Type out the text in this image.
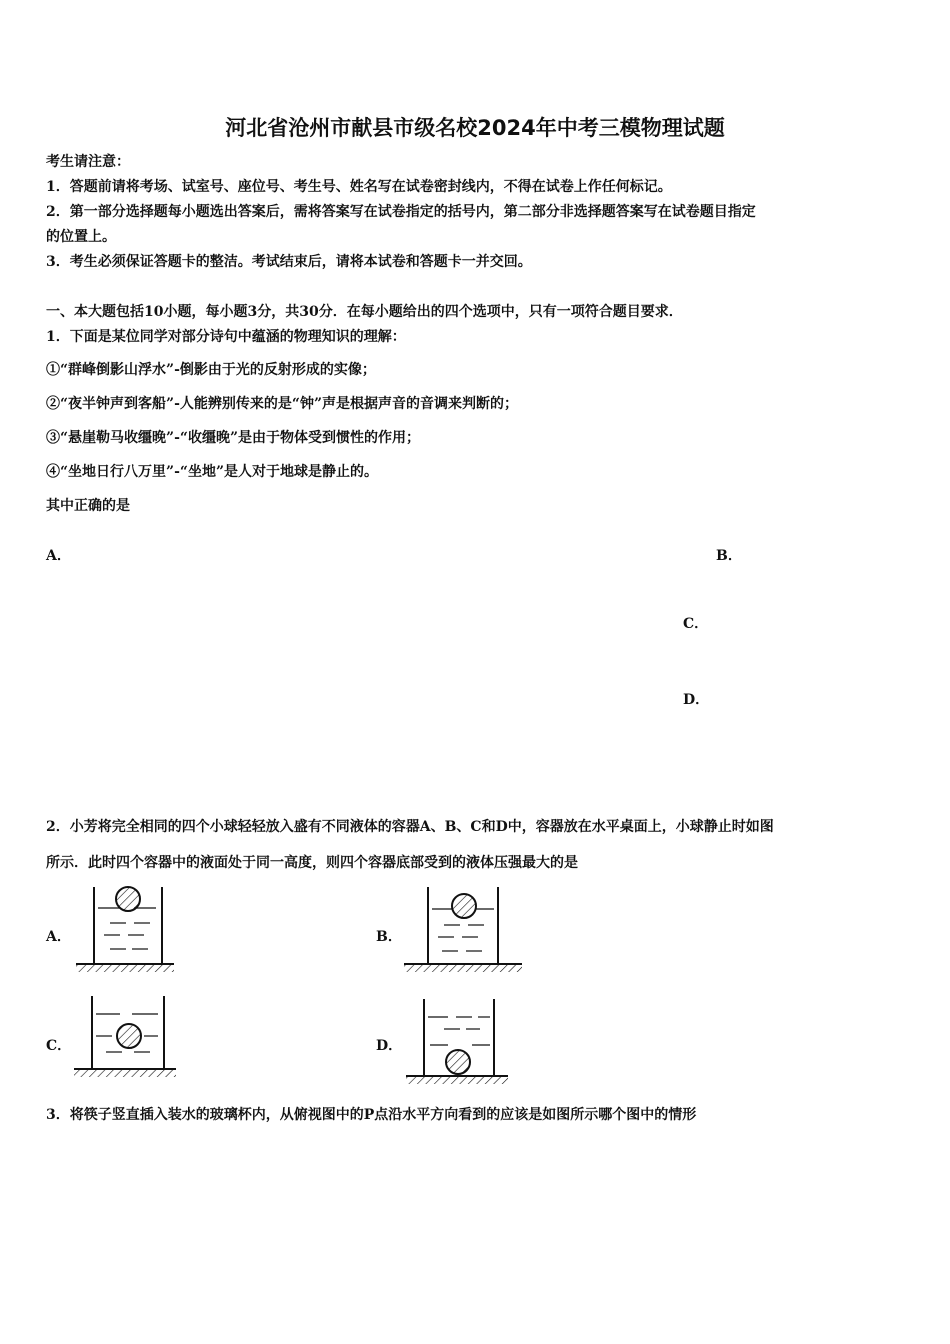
河北省沧州市献县市级名校2024年中考三模物理试题
考生请注意：
1．答题前请将考场、试室号、座位号、考生号、姓名写在试卷密封线内，不得在试卷上作任何标记。
2．第一部分选择题每小题选出答案后，需将答案写在试卷指定的括号内，第二部分非选择题答案写在试卷题目指定
的位置上。
3．考生必须保证答题卡的整洁。考试结束后，请将本试卷和答题卡一并交回。
一、本大题包括10小题，每小题3分，共30分．在每小题给出的四个选项中，只有一项符合题目要求．
1．下面是某位同学对部分诗句中蕴涵的物理知识的理解：
①“群峰倒影山浮水”-倒影由于光的反射形成的实像；
②“夜半钟声到客船”-人能辨别传来的是“钟”声是根据声音的音调来判断的；
③“悬崖勒马收缰晚”-“收缰晚”是由于物体受到惯性的作用；
④“坐地日行八万里”-“坐地”是人对于地球是静止的。
其中正确的是
A．	B．
C．
D．
2．小芳将完全相同的四个小球轻轻放入盛有不同液体的容器A、B、C和D中，容器放在水平桌面上，小球静止时如图
所示．此时四个容器中的液面处于同一高度，则四个容器底部受到的液体压强最大的是
A．	B．
C．	D．
3．将筷子竖直插入装水的玻璃杯内，从俯视图中的P点沿水平方向看到的应该是如图所示哪个图中的情形
